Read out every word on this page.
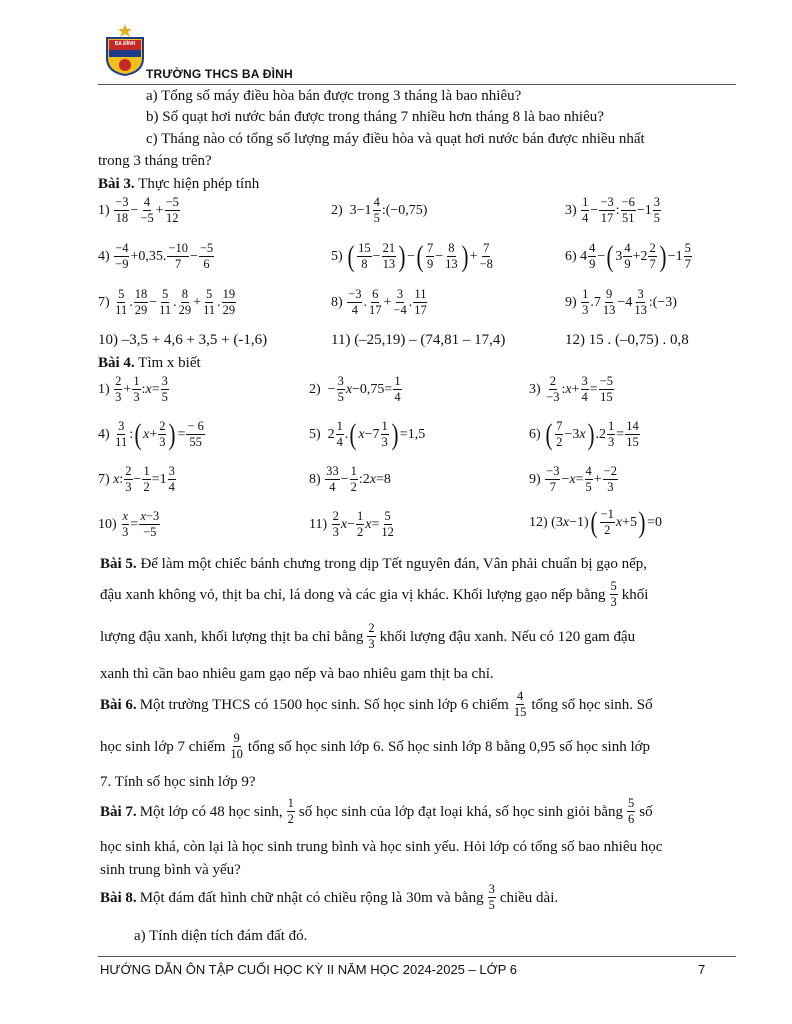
BA ĐÌNH
TRƯỜNG THCS BA ĐÌNH
a) Tổng số máy điều hòa bán được trong 3 tháng là bao nhiêu?
b) Số quạt hơi nước bán được trong tháng 7 nhiều hơn tháng 8 là bao nhiêu?
c) Tháng nào có tổng số lượng máy điều hòa và quạt hơi nước bán được nhiều nhất
trong 3 tháng trên?
Bài 3. Thực hiện phép tính
1)
−3
18
−
4
−5
+
−5
12
2)  3−1
4
5
:(−0,75)	3)
1
4
−
−3
17
:
−6
51
−1
3
5
4)
−4
−9
+0,35.
−10
7
−
−5
6
5) ( 15
8
−
21
13 ) − ( 7
9
−
8
13 ) +
7
−8
6) 4
4
9
− ( 3
4
9
+2
2
7 ) −1
5
7
7)
5
11
.
18
29
−
5
11
.
8
29
+
5
11
.
19
29
8)
−3
4
.
6
17
+
3
−4
.
11
17
9)
1
3
.7
9
13
−4
3
13
:(−3)
10) –3,5 + 4,6 + 3,5 + (-1,6)	11) (–25,19) – (74,81 – 17,4)	12) 15 . (–0,75) . 0,8
Bài 4. Tìm x biết
1)
2
3
+
1
3
: x =
3
5
2)  −
3
5
x −0,75=
1
4
3)
2
−3
: x +
3
4
=
−5
15
4)
3
11
: ( x +
2
3 ) =
− 6
55
5)  2
1
4
. ( x −7
1
3 ) =1,5	6) ( 7
2
−3 x ) .2
1
3
=
14
15
7) x :
2
3
−
1
2
=1
3
4
8)
33
4
−
1
2
:2 x =8	9)
−3
7
− x =
4
5
+
−2
3
10)
x
3
=
x−3
−5
11)
2
3
x −
1
2
x =
5
12
12) (3 x −1) ( −1
2
x +5 ) =0
Bài 5. Để làm một chiếc bánh chưng trong dịp Tết nguyên đán, Vân phải chuẩn bị gạo nếp,
đậu xanh không vỏ, thịt ba chỉ, lá dong và các gia vị khác. Khối lượng gạo nếp bằng $\frac{5}{3}$ khối
lượng đậu xanh, khối lượng thịt ba chỉ bằng $\frac{2}{3}$ khối lượng đậu xanh. Nếu có 120 gam đậu
xanh thì cần bao nhiêu gam gạo nếp và bao nhiêu gam thịt ba chỉ.
Bài 6. Một trường THCS có 1500 học sinh. Số học sinh lớp 6 chiếm $\frac{4}{15}$ tổng số học sinh. Số
học sinh lớp 7 chiếm $\frac{9}{10}$ tổng số học sinh lớp 6. Số học sinh lớp 8 bằng 0,95 số học sinh lớp
7. Tính số học sinh lớp 9?
Bài 7. Một lớp có 48 học sinh, $\frac{1}{2}$ số học sinh của lớp đạt loại khá, số học sinh giỏi bằng $\frac{5}{6}$ số
học sinh khá, còn lại là học sinh trung bình và học sinh yếu. Hỏi lớp có tổng số bao nhiêu học
sinh trung bình và yếu?
Bài 8. Một đám đất hình chữ nhật có chiều rộng là 30m và bằng $\frac{3}{5}$ chiều dài.
a) Tính diện tích đám đất đó.
HƯỚNG DẪN ÔN TẬP CUỐI HỌC KỲ II NĂM HỌC 2024-2025 – LỚP 6	7
